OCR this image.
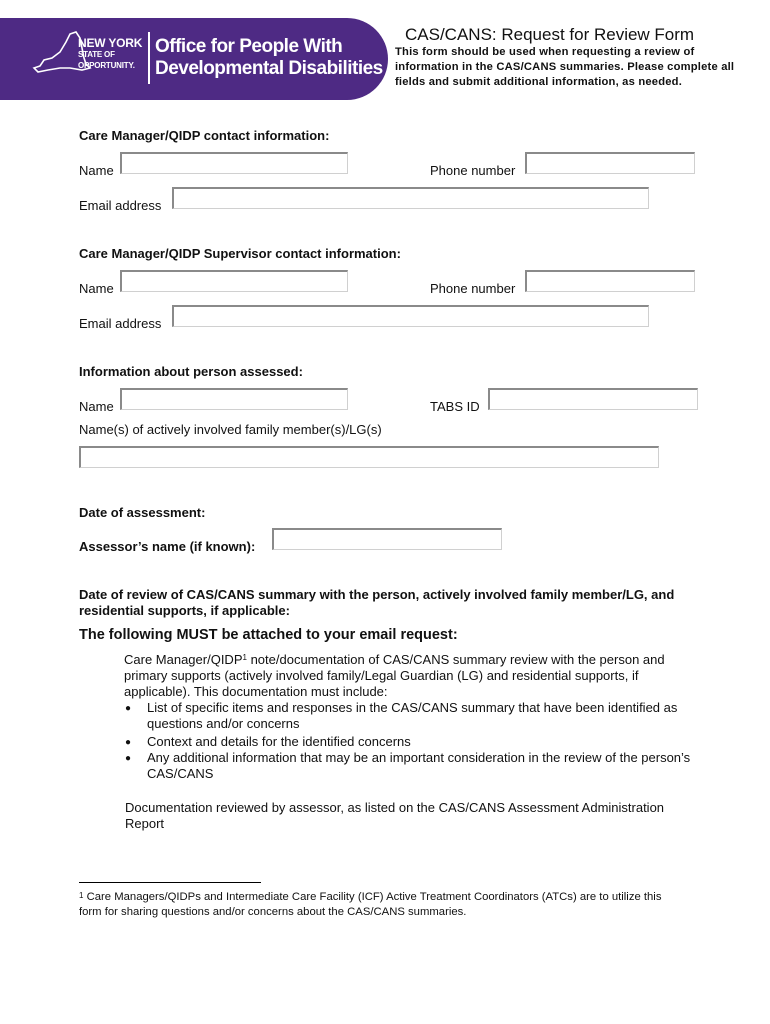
NEW YORK
STATE OF
OPPORTUNITY.
Office for People With
Developmental Disabilities
CAS/CANS: Request for Review Form
This form should be used when requesting a review of information in the CAS/CANS summaries. Please complete all fields and submit additional information, as needed.
Care Manager/QIDP contact information:
Name	Phone number
Email address
Care Manager/QIDP Supervisor contact information:
Name	Phone number
Email address
Information about person assessed:
Name	TABS ID
Name(s) of actively involved family member(s)/LG(s)
Date of assessment:
Assessor’s name (if known):
Date of review of CAS/CANS summary with the person, actively involved family member/LG, and
residential supports, if applicable:
The following MUST be attached to your email request:
Care Manager/QIDP$^1$ note/documentation of CAS/CANS summary review with the person and
primary supports (actively involved family/Legal Guardian (LG) and residential supports, if
applicable). This documentation must include:
●	List of specific items and responses in the CAS/CANS summary that have been identified as
questions and/or concerns
●	Context and details for the identified concerns
●	Any additional information that may be an important consideration in the review of the person’s
CAS/CANS
Documentation reviewed by assessor, as listed on the CAS/CANS Assessment Administration
Report
$^1$ Care Managers/QIDPs and Intermediate Care Facility (ICF) Active Treatment Coordinators (ATCs) are to utilize this
form for sharing questions and/or concerns about the CAS/CANS summaries.
